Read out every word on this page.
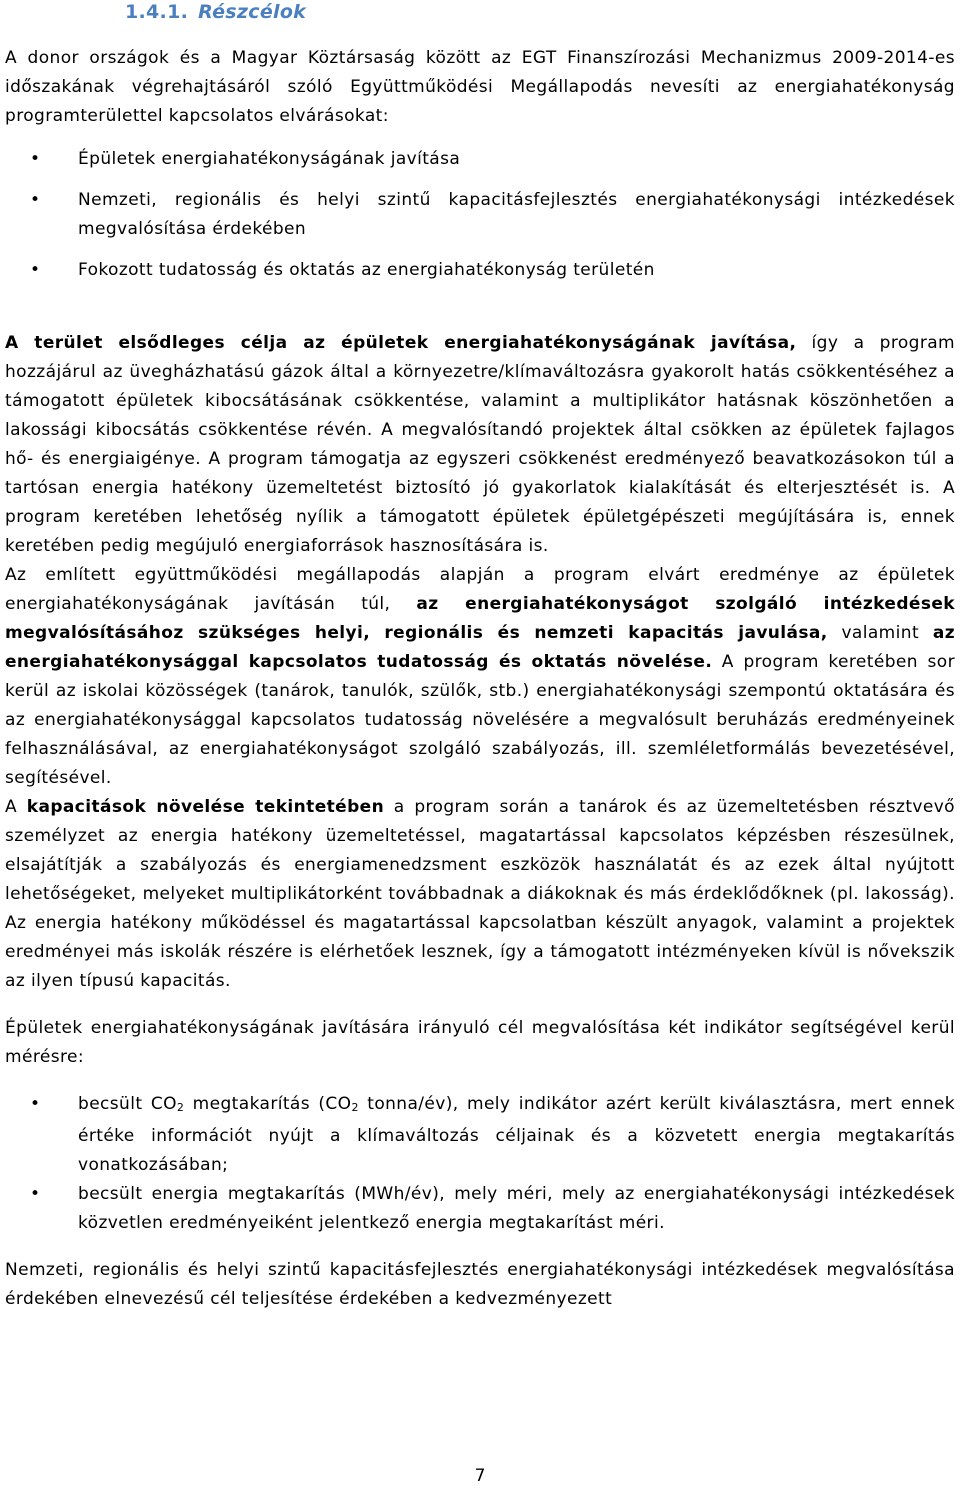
1.4.1. Részcélok

A donor országok és a Magyar Köztársaság között az EGT Finanszírozási Mechanizmus 2009-2014-es időszakának végrehajtásáról szóló Együttműködési Megállapodás nevesíti az energiahatékonyság programterülettel kapcsolatos elvárásokat:

• Épületek energiahatékonyságának javítása
• Nemzeti, regionális és helyi szintű kapacitásfejlesztés energiahatékonysági intézkedések megvalósítása érdekében
• Fokozott tudatosság és oktatás az energiahatékonyság területén

A terület elsődleges célja az épületek energiahatékonyságának javítása, így a program hozzájárul az üvegházhatású gázok által a környezetre/klímaváltozásra gyakorolt hatás csökkentéséhez a támogatott épületek kibocsátásának csökkentése, valamint a multiplikátor hatásnak köszönhetően a lakossági kibocsátás csökkentése révén. A megvalósítandó projektek által csökken az épületek fajlagos hő- és energiaigénye. A program támogatja az egyszeri csökkenést eredményező beavatkozásokon túl a tartósan energia hatékony üzemeltetést biztosító jó gyakorlatok kialakítását és elterjesztését is. A program keretében lehetőség nyílik a támogatott épületek épületgépészeti megújítására is, ennek keretében pedig megújuló energiaforrások hasznosítására is.

Az említett együttműködési megállapodás alapján a program elvárt eredménye az épületek energiahatékonyságának javításán túl, az energiahatékonyságot szolgáló intézkedések megvalósításához szükséges helyi, regionális és nemzeti kapacitás javulása, valamint az energiahatékonysággal kapcsolatos tudatosság és oktatás növelése. A program keretében sor kerül az iskolai közösségek (tanárok, tanulók, szülők, stb.) energiahatékonysági szempontú oktatására és az energiahatékonysággal kapcsolatos tudatosság növelésére a megvalósult beruházás eredményeinek felhasználásával, az energiahatékonyságot szolgáló szabályozás, ill. szemléletformálás bevezetésével, segítésével.

A kapacitások növelése tekintetében a program során a tanárok és az üzemeltetésben résztvevő személyzet az energia hatékony üzemeltetéssel, magatartással kapcsolatos képzésben részesülnek, elsajátítják a szabályozás és energiamenedzsment eszközök használatát és az ezek által nyújtott lehetőségeket, melyeket multiplikátorként továbbadnak a diákoknak és más érdeklődőknek (pl. lakosság). Az energia hatékony működéssel és magatartással kapcsolatban készült anyagok, valamint a projektek eredményei más iskolák részére is elérhetőek lesznek, így a támogatott intézményeken kívül is nővekszik az ilyen típusú kapacitás.

Épületek energiahatékonyságának javítására irányuló cél megvalósítása két indikátor segítségével kerül mérésre:

• becsült $CO_2$ megtakarítás ($CO_2$ tonna/év), mely indikátor azért került kiválasztásra, mert ennek értéke információt nyújt a klímaváltozás céljainak és a közvetett energia megtakarítás vonatkozásában;
• becsült energia megtakarítás (MWh/év), mely méri, mely az energiahatékonysági intézkedések közvetlen eredményeiként jelentkező energia megtakarítást méri.

Nemzeti, regionális és helyi szintű kapacitásfejlesztés energiahatékonysági intézkedések megvalósítása érdekében elnevezésű cél teljesítése érdekében a kedvezményezett

7
